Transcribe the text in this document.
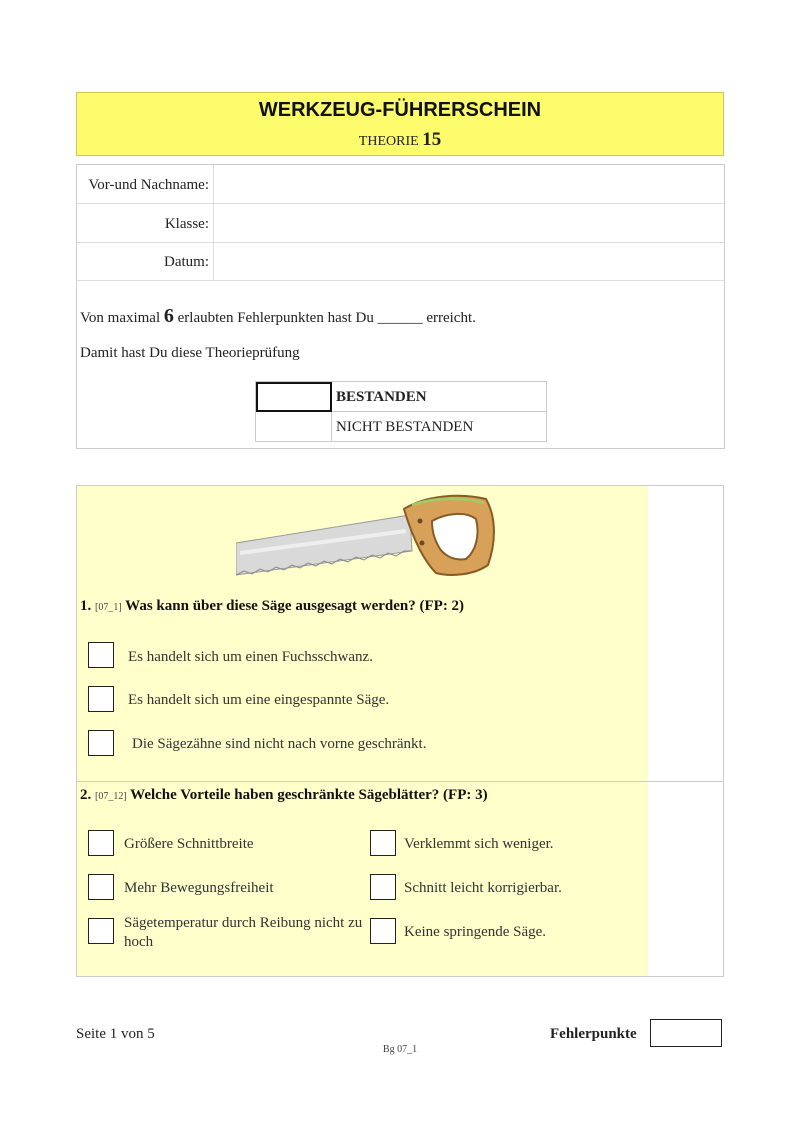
WERKZEUG-FÜHRERSCHEIN
THEORIE 15
Vor-und Nachname:
Klasse:
Datum:
Von maximal 6 erlaubten Fehlerpunkten hast Du ______ erreicht.
Damit hast Du diese Theorieprüfung
BESTANDEN
NICHT BESTANDEN
1. [07_1] Was kann über diese Säge ausgesagt werden? (FP: 2)
Es handelt sich um einen Fuchsschwanz.
Es handelt sich um eine eingespannte Säge.
Die Sägezähne sind nicht nach vorne geschränkt.
2. [07_12] Welche Vorteile haben geschränkte Sägeblätter? (FP: 3)
Größere Schnittbreite	Verklemmt sich weniger.
Mehr Bewegungsfreiheit	Schnitt leicht korrigierbar.
Sägetemperatur durch Reibung nicht zu hoch
Keine springende Säge.
Seite 1 von 5
Bg 07_1
Fehlerpunkte
